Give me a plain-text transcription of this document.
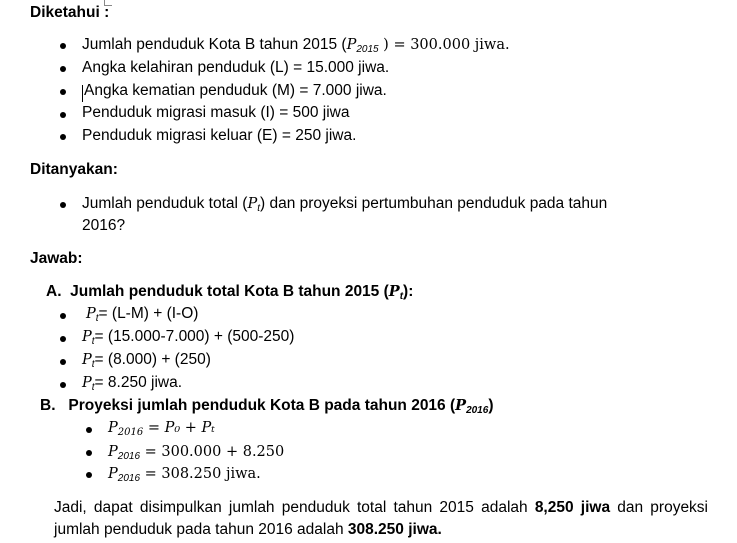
Diketahui :
Jumlah penduduk Kota B tahun 2015 ($P_{2015}$ ) = 300.000 jiwa.
Angka kelahiran penduduk (L) = 15.000 jiwa.
Angka kematian penduduk (M) = 7.000 jiwa.
Penduduk migrasi masuk (I) = 500 jiwa
Penduduk migrasi keluar (E) = 250 jiwa.
Ditanyakan:
Jumlah penduduk total $(P_t)$ dan proyeksi pertumbuhan penduduk pada tahun
2016?
Jawab:
A. Jumlah penduduk total Kota B tahun 2015 $(P_t)$:
$P_t= (L-M) + (I-O)$
$P_t= (15.000-7.000) + (500-250)$
$P_t= (8.000) + (250)$
$P_t= 8.250$ jiwa.
B. Proyeksi jumlah penduduk Kota B pada tahun 2016 $(P_{2016})$
$P_{2016} = P_0 + P_t$
$P_{2016} = 300.000 + 8.250$
$P_{2016} = 308.250$ jiwa.
Jadi, dapat disimpulkan jumlah penduduk total tahun 2015 adalah 8,250 jiwa dan proyeksi jumlah penduduk pada tahun 2016 adalah 308.250 jiwa.
